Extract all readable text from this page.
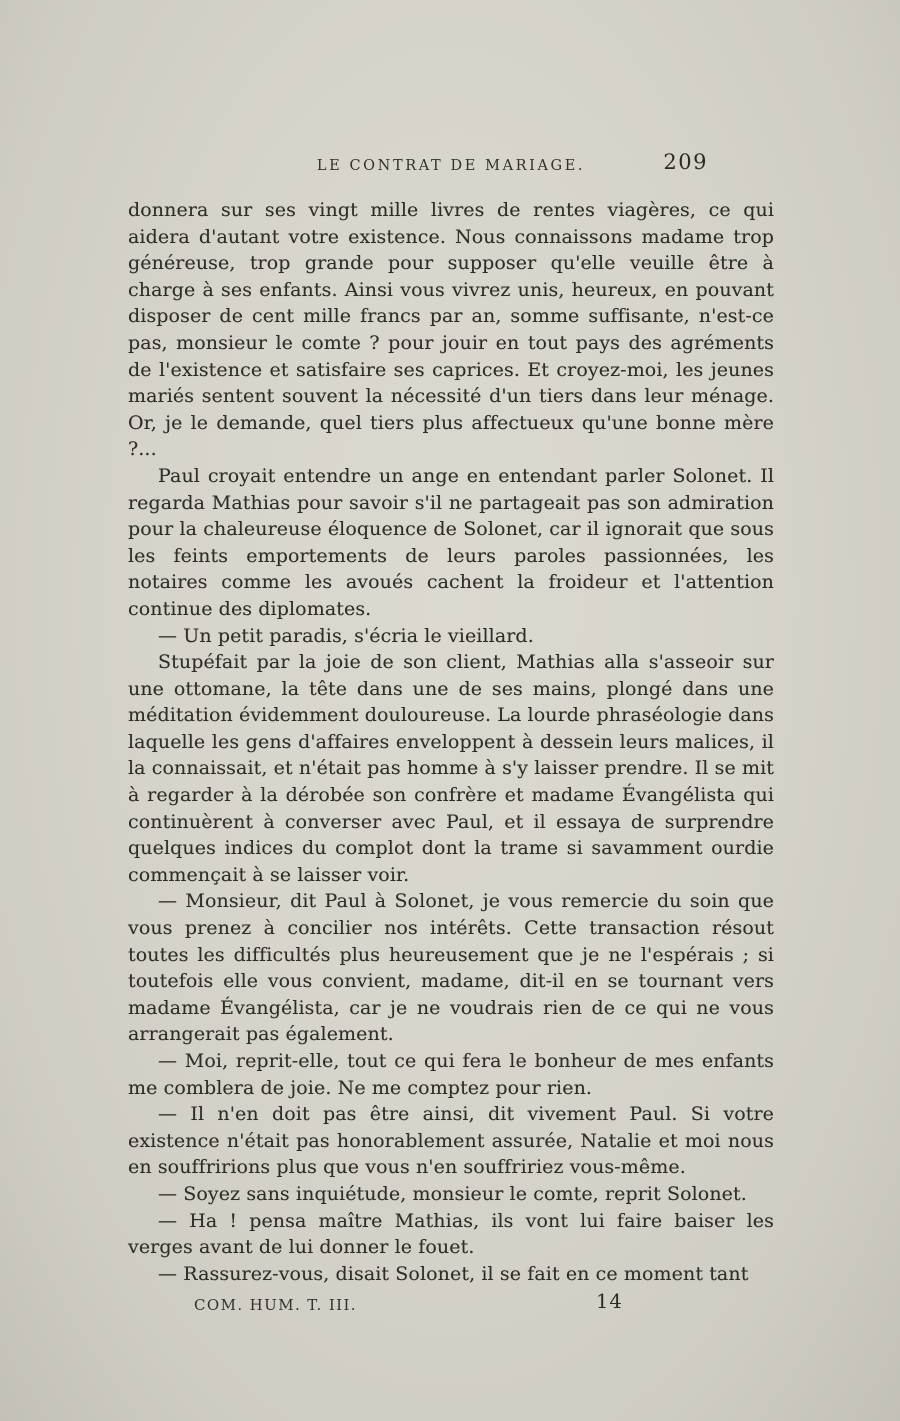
LE CONTRAT DE MARIAGE.	209

donnera sur ses vingt mille livres de rentes viagères, ce qui aidera d'autant votre existence. Nous connaissons madame trop généreuse, trop grande pour supposer qu'elle veuille être à charge à ses enfants. Ainsi vous vivrez unis, heureux, en pouvant disposer de cent mille francs par an, somme suffisante, n'est-ce pas, monsieur le comte ? pour jouir en tout pays des agréments de l'existence et satisfaire ses caprices. Et croyez-moi, les jeunes mariés sentent souvent la nécessité d'un tiers dans leur ménage. Or, je le demande, quel tiers plus affectueux qu'une bonne mère ?...

Paul croyait entendre un ange en entendant parler Solonet. Il regarda Mathias pour savoir s'il ne partageait pas son admiration pour la chaleureuse éloquence de Solonet, car il ignorait que sous les feints emportements de leurs paroles passionnées, les notaires comme les avoués cachent la froideur et l'attention continue des diplomates.

— Un petit paradis, s'écria le vieillard.

Stupéfait par la joie de son client, Mathias alla s'asseoir sur une ottomane, la tête dans une de ses mains, plongé dans une méditation évidemment douloureuse. La lourde phraséologie dans laquelle les gens d'affaires enveloppent à dessein leurs malices, il la connaissait, et n'était pas homme à s'y laisser prendre. Il se mit à regarder à la dérobée son confrère et madame Évangélista qui continuèrent à converser avec Paul, et il essaya de surprendre quelques indices du complot dont la trame si savamment ourdie commençait à se laisser voir.

— Monsieur, dit Paul à Solonet, je vous remercie du soin que vous prenez à concilier nos intérêts. Cette transaction résout toutes les difficultés plus heureusement que je ne l'espérais ; si toutefois elle vous convient, madame, dit-il en se tournant vers madame Évangélista, car je ne voudrais rien de ce qui ne vous arrangerait pas également.

— Moi, reprit-elle, tout ce qui fera le bonheur de mes enfants me comblera de joie. Ne me comptez pour rien.

— Il n'en doit pas être ainsi, dit vivement Paul. Si votre existence n'était pas honorablement assurée, Natalie et moi nous en souffririons plus que vous n'en souffririez vous-même.

— Soyez sans inquiétude, monsieur le comte, reprit Solonet.

— Ha ! pensa maître Mathias, ils vont lui faire baiser les verges avant de lui donner le fouet.

— Rassurez-vous, disait Solonet, il se fait en ce moment tant

COM. HUM. T. III.	14
